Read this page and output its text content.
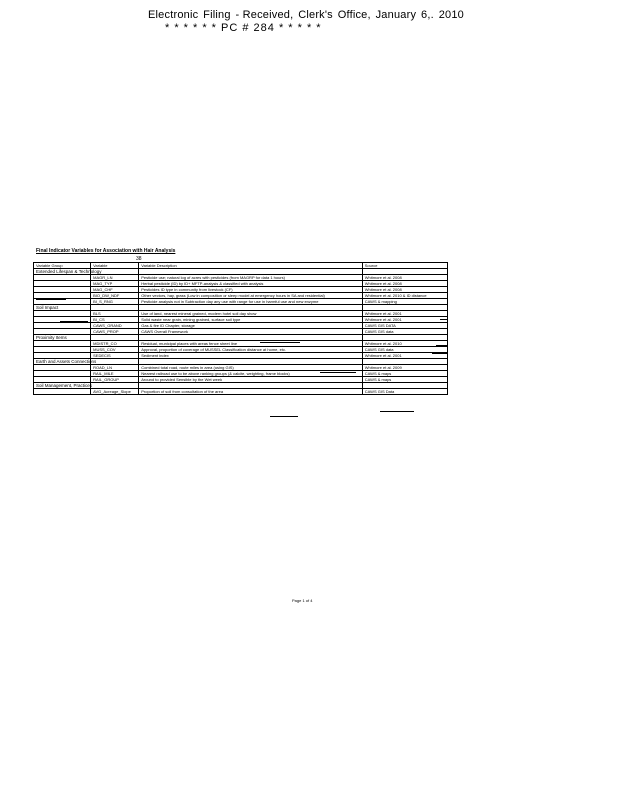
Electronic Filing - Received, Clerk's Office, January 6,. 2010
* * * * * * PC # 284 * * * * *
Final Indicator Variables for Association with Hair Analysis
38
Variable Group	Variable	Variable Description	Source
Extended Lifespan & Technology			
	MAGR_LN	Pesticide use; natural log of acres with pesticides (from MAGRP for data 1 hours)	Whitmore et al. 2008
	MAG_TYP	Herbal pesticide (ID) by ID+ MFTP-analysis & classified with analysis	Whitmore et al. 2008
	MAG_CHF	Pesticides ID type in community from livestock (CF)	Whitmore et al. 2008
	BIO_DW_NDF	Other vectors, hay, grass (Low in composition or sleep model at emergency hours in SA and residential)	Whitmore et al. 2010 & ID distance
	BI_S_RNG	Pesticide analysis not in Subtraction day any use with range for use in harmful use and new enzyme	CAWS & mapping
Soil Impact			
	BLS	Use of land, nearest mineral grained, modern hotel soil day show	Whitmore et al. 2001
	BI_CS	Solid waste near grain, mining grained, surface soil type	Whitmore et al. 2001
	CAWS_GRAND	Gas & fire ID Chapter, storage	CAWS GIS DATA
	CAWS_PROP	CAWS Overall Framework	CAWS GIS data
Proximity Items			
	MDISTR_CO	Residual, municipal places with areas fence sheet line	Whitmore et al. 2010
	MUSS_COV	Approval, proportion of coverage of MUSSEL Classification distance at home, etc.	CAWS GIS data
	SEDECIS	Sediment index	Whitmore et al. 2001
Earth and Assets Connections			
	ROAD_LN	Combined total road, route miles in area (using GIS)	Whitmore et al. 2009
	RAIL_MILE	Nearest railroad use to be above ranking groups (& calcite, weighting, frame blocks)	CAWS & maps
	RAIL_GROUP	Around to provided Sensible by the Wet week	CAWS & maps
Soil Management, Practices			
	AVG_Acreage_Slope	Proportion of soil from consultation of the area	CAWS GIS Data
Page 1 of 4
